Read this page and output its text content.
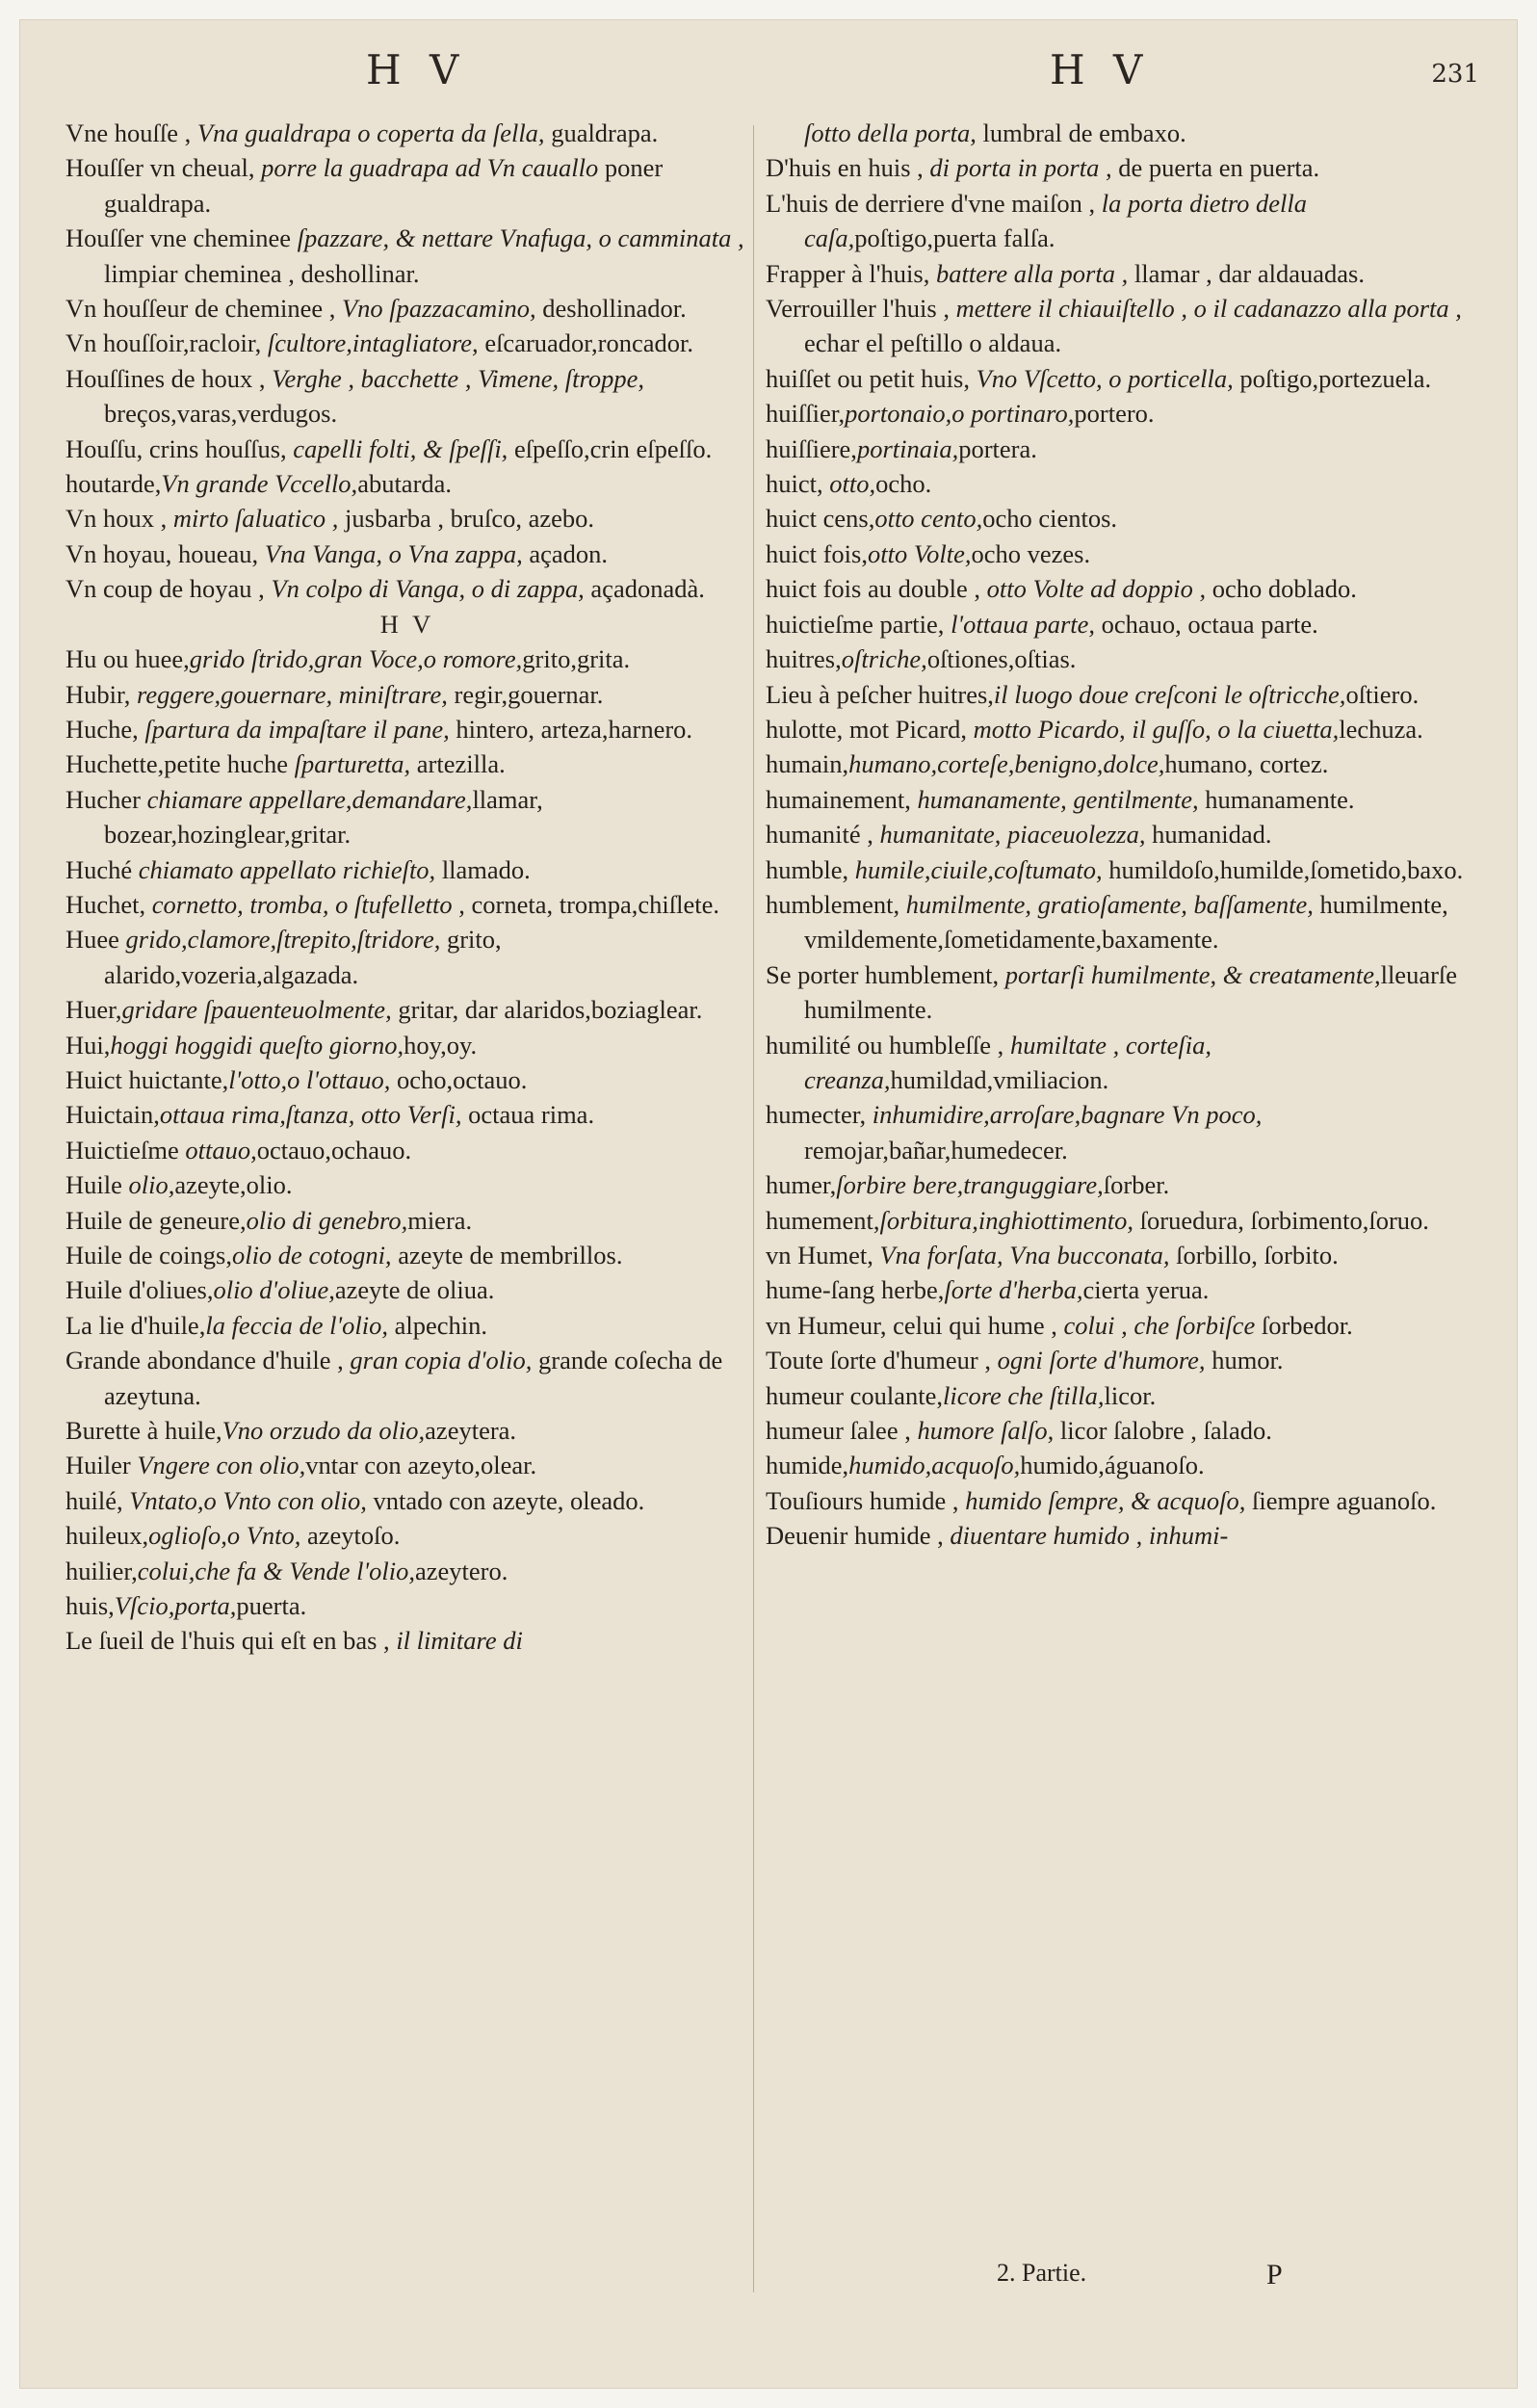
H V	H V	231

Vne houſſe , Vna gualdrapa o coperta da ſella, gualdrapa.

Houſſer vn cheual, porre la guadrapa ad Vn cauallo poner gualdrapa.

Houſſer vne cheminee ſpazzare, & nettare Vnafuga, o camminata , limpiar cheminea , deshollinar.

Vn houſſeur de cheminee , Vno ſpazzacamino, deshollinador.

Vn houſſoir,racloir, ſcultore,intagliatore, eſcaruador,roncador.

Houſſines de houx , Verghe , bacchette , Vimene, ſtroppe, breços,varas,verdugos.

Houſſu, crins houſſus, capelli folti, & ſpeſſi, eſpeſſo,crin eſpeſſo.

houtarde,Vn grande Vccello,abutarda.

Vn houx , mirto ſaluatico , jusbarba , bruſco, azebo.

Vn hoyau, houeau, Vna Vanga, o Vna zappa, açadon.

Vn coup de hoyau , Vn colpo di Vanga, o di zappa, açadonadà.

H V

Hu ou huee,grido ſtrido,gran Voce,o romore,grito,grita.

Hubir, reggere,gouernare, miniſtrare, regir,gouernar.

Huche, ſpartura da impaſtare il pane, hintero, arteza,harnero.

Huchette,petite huche ſparturetta, artezilla.

Hucher chiamare appellare,demandare,llamar, bozear,hozinglear,gritar.

Huché chiamato appellato richieſto, llamado.

Huchet, cornetto, tromba, o ſtufelletto , corneta, trompa,chiſlete.

Huee grido,clamore,ſtrepito,ſtridore, grito, alarido,vozeria,algazada.

Huer,gridare ſpauenteuolmente, gritar, dar alaridos,boziaglear.

Hui,hoggi hoggidi queſto giorno,hoy,oy.

Huict huictante,l'otto,o l'ottauo, ocho,octauo.

Huictain,ottaua rima,ſtanza, otto Verſi, octaua rima.

Huictieſme ottauo,octauo,ochauo.

Huile olio,azeyte,olio.

Huile de geneure,olio di genebro,miera.

Huile de coings,olio de cotogni, azeyte de membrillos.

Huile d'oliues,olio d'oliue,azeyte de oliua.

La lie d'huile,la feccia de l'olio, alpechin.

Grande abondance d'huile , gran copia d'olio, grande coſecha de azeytuna.

Burette à huile,Vno orzudo da olio,azeytera.

Huiler Vngere con olio,vntar con azeyto,olear.

huilé, Vntato,o Vnto con olio, vntado con azeyte, oleado.

huileux,oglioſo,o Vnto, azeytoſo.

huilier,colui,che fa & Vende l'olio,azeytero.

huis,Vſcio,porta,puerta.

Le ſueil de l'huis qui eſt en bas , il limitare di

ſotto della porta, lumbral de embaxo.

D'huis en huis , di porta in porta , de puerta en puerta.

L'huis de derriere d'vne maiſon , la porta dietro della caſa,poſtigo,puerta falſa.

Frapper à l'huis, battere alla porta , llamar , dar aldauadas.

Verrouiller l'huis , mettere il chiauiſtello , o il cadanazzo alla porta , echar el peſtillo o aldaua.

huiſſet ou petit huis, Vno Vſcetto, o porticella, poſtigo,portezuela.

huiſſier,portonaio,o portinaro,portero.

huiſſiere,portinaia,portera.

huict, otto,ocho.

huict cens,otto cento,ocho cientos.

huict fois,otto Volte,ocho vezes.

huict fois au double , otto Volte ad doppio , ocho doblado.

huictieſme partie, l'ottaua parte, ochauo, octaua parte.

huitres,oſtriche,oſtiones,oſtias.

Lieu à peſcher huitres,il luogo doue creſconi le oſtricche,oſtiero.

hulotte, mot Picard, motto Picardo, il guſſo, o la ciuetta,lechuza.

humain,humano,corteſe,benigno,dolce,humano, cortez.

humainement, humanamente, gentilmente, humanamente.

humanité , humanitate, piaceuolezza, humanidad.

humble, humile,ciuile,coſtumato, humildoſo,humilde,ſometido,baxo.

humblement, humilmente, gratioſamente, baſſamente, humilmente, vmildemente,ſometidamente,baxamente.

Se porter humblement, portarſi humilmente, & creatamente,lleuarſe humilmente.

humilité ou humbleſſe , humiltate , corteſia, creanza,humildad,vmiliacion.

humecter, inhumidire,arroſare,bagnare Vn poco, remojar,bañar,humedecer.

humer,ſorbire bere,tranguggiare,ſorber.

humement,ſorbitura,inghiottimento, ſoruedura, ſorbimento,ſoruo.

vn Humet, Vna forſata, Vna bucconata, ſorbillo, ſorbito.

hume-ſang herbe,ſorte d'herba,cierta yerua.

vn Humeur, celui qui hume , colui , che ſorbiſce ſorbedor.

Toute ſorte d'humeur , ogni ſorte d'humore, humor.

humeur coulante,licore che ſtilla,licor.

humeur ſalee , humore ſalſo, licor ſalobre , ſalado.

humide,humido,acquoſo,humido,águanoſo.

Touſiours humide , humido ſempre, & acquoſo, ſiempre aguanoſo.

Deuenir humide , diuentare humido , inhumi-

2. Partie.	P
